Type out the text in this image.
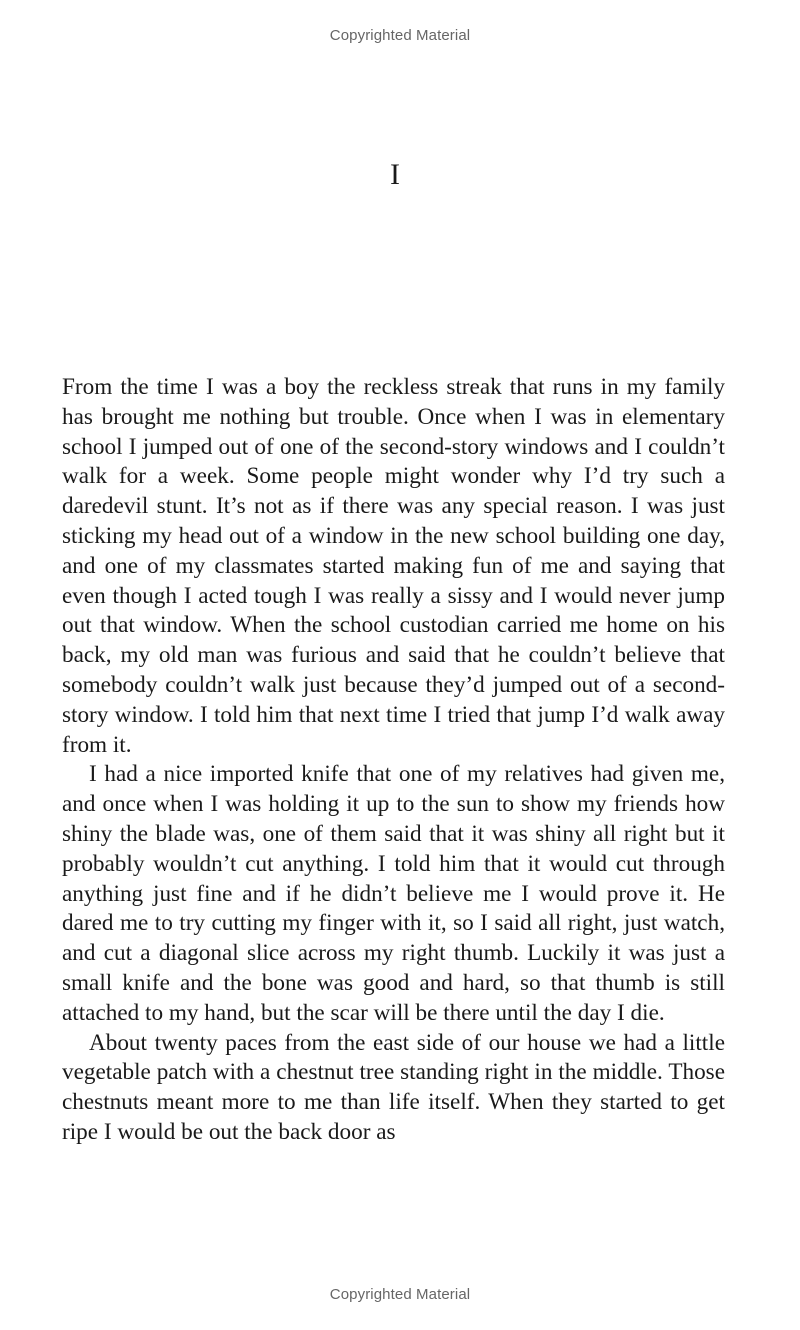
Copyrighted Material
I

From the time I was a boy the reckless streak that runs in my family has brought me nothing but trouble. Once when I was in elementary school I jumped out of one of the second-story windows and I couldn’t walk for a week. Some people might wonder why I’d try such a daredevil stunt. It’s not as if there was any special reason. I was just sticking my head out of a window in the new school building one day, and one of my classmates started making fun of me and saying that even though I acted tough I was really a sissy and I would never jump out that window. When the school custodian carried me home on his back, my old man was furious and said that he couldn’t believe that somebody couldn’t walk just because they’d jumped out of a second-story window. I told him that next time I tried that jump I’d walk away from it.

I had a nice imported knife that one of my relatives had given me, and once when I was holding it up to the sun to show my friends how shiny the blade was, one of them said that it was shiny all right but it probably wouldn’t cut anything. I told him that it would cut through anything just fine and if he didn’t believe me I would prove it. He dared me to try cutting my finger with it, so I said all right, just watch, and cut a diagonal slice across my right thumb. Luckily it was just a small knife and the bone was good and hard, so that thumb is still attached to my hand, but the scar will be there until the day I die.

About twenty paces from the east side of our house we had a little vegetable patch with a chestnut tree standing right in the middle. Those chestnuts meant more to me than life itself. When they started to get ripe I would be out the back door as

Copyrighted Material
